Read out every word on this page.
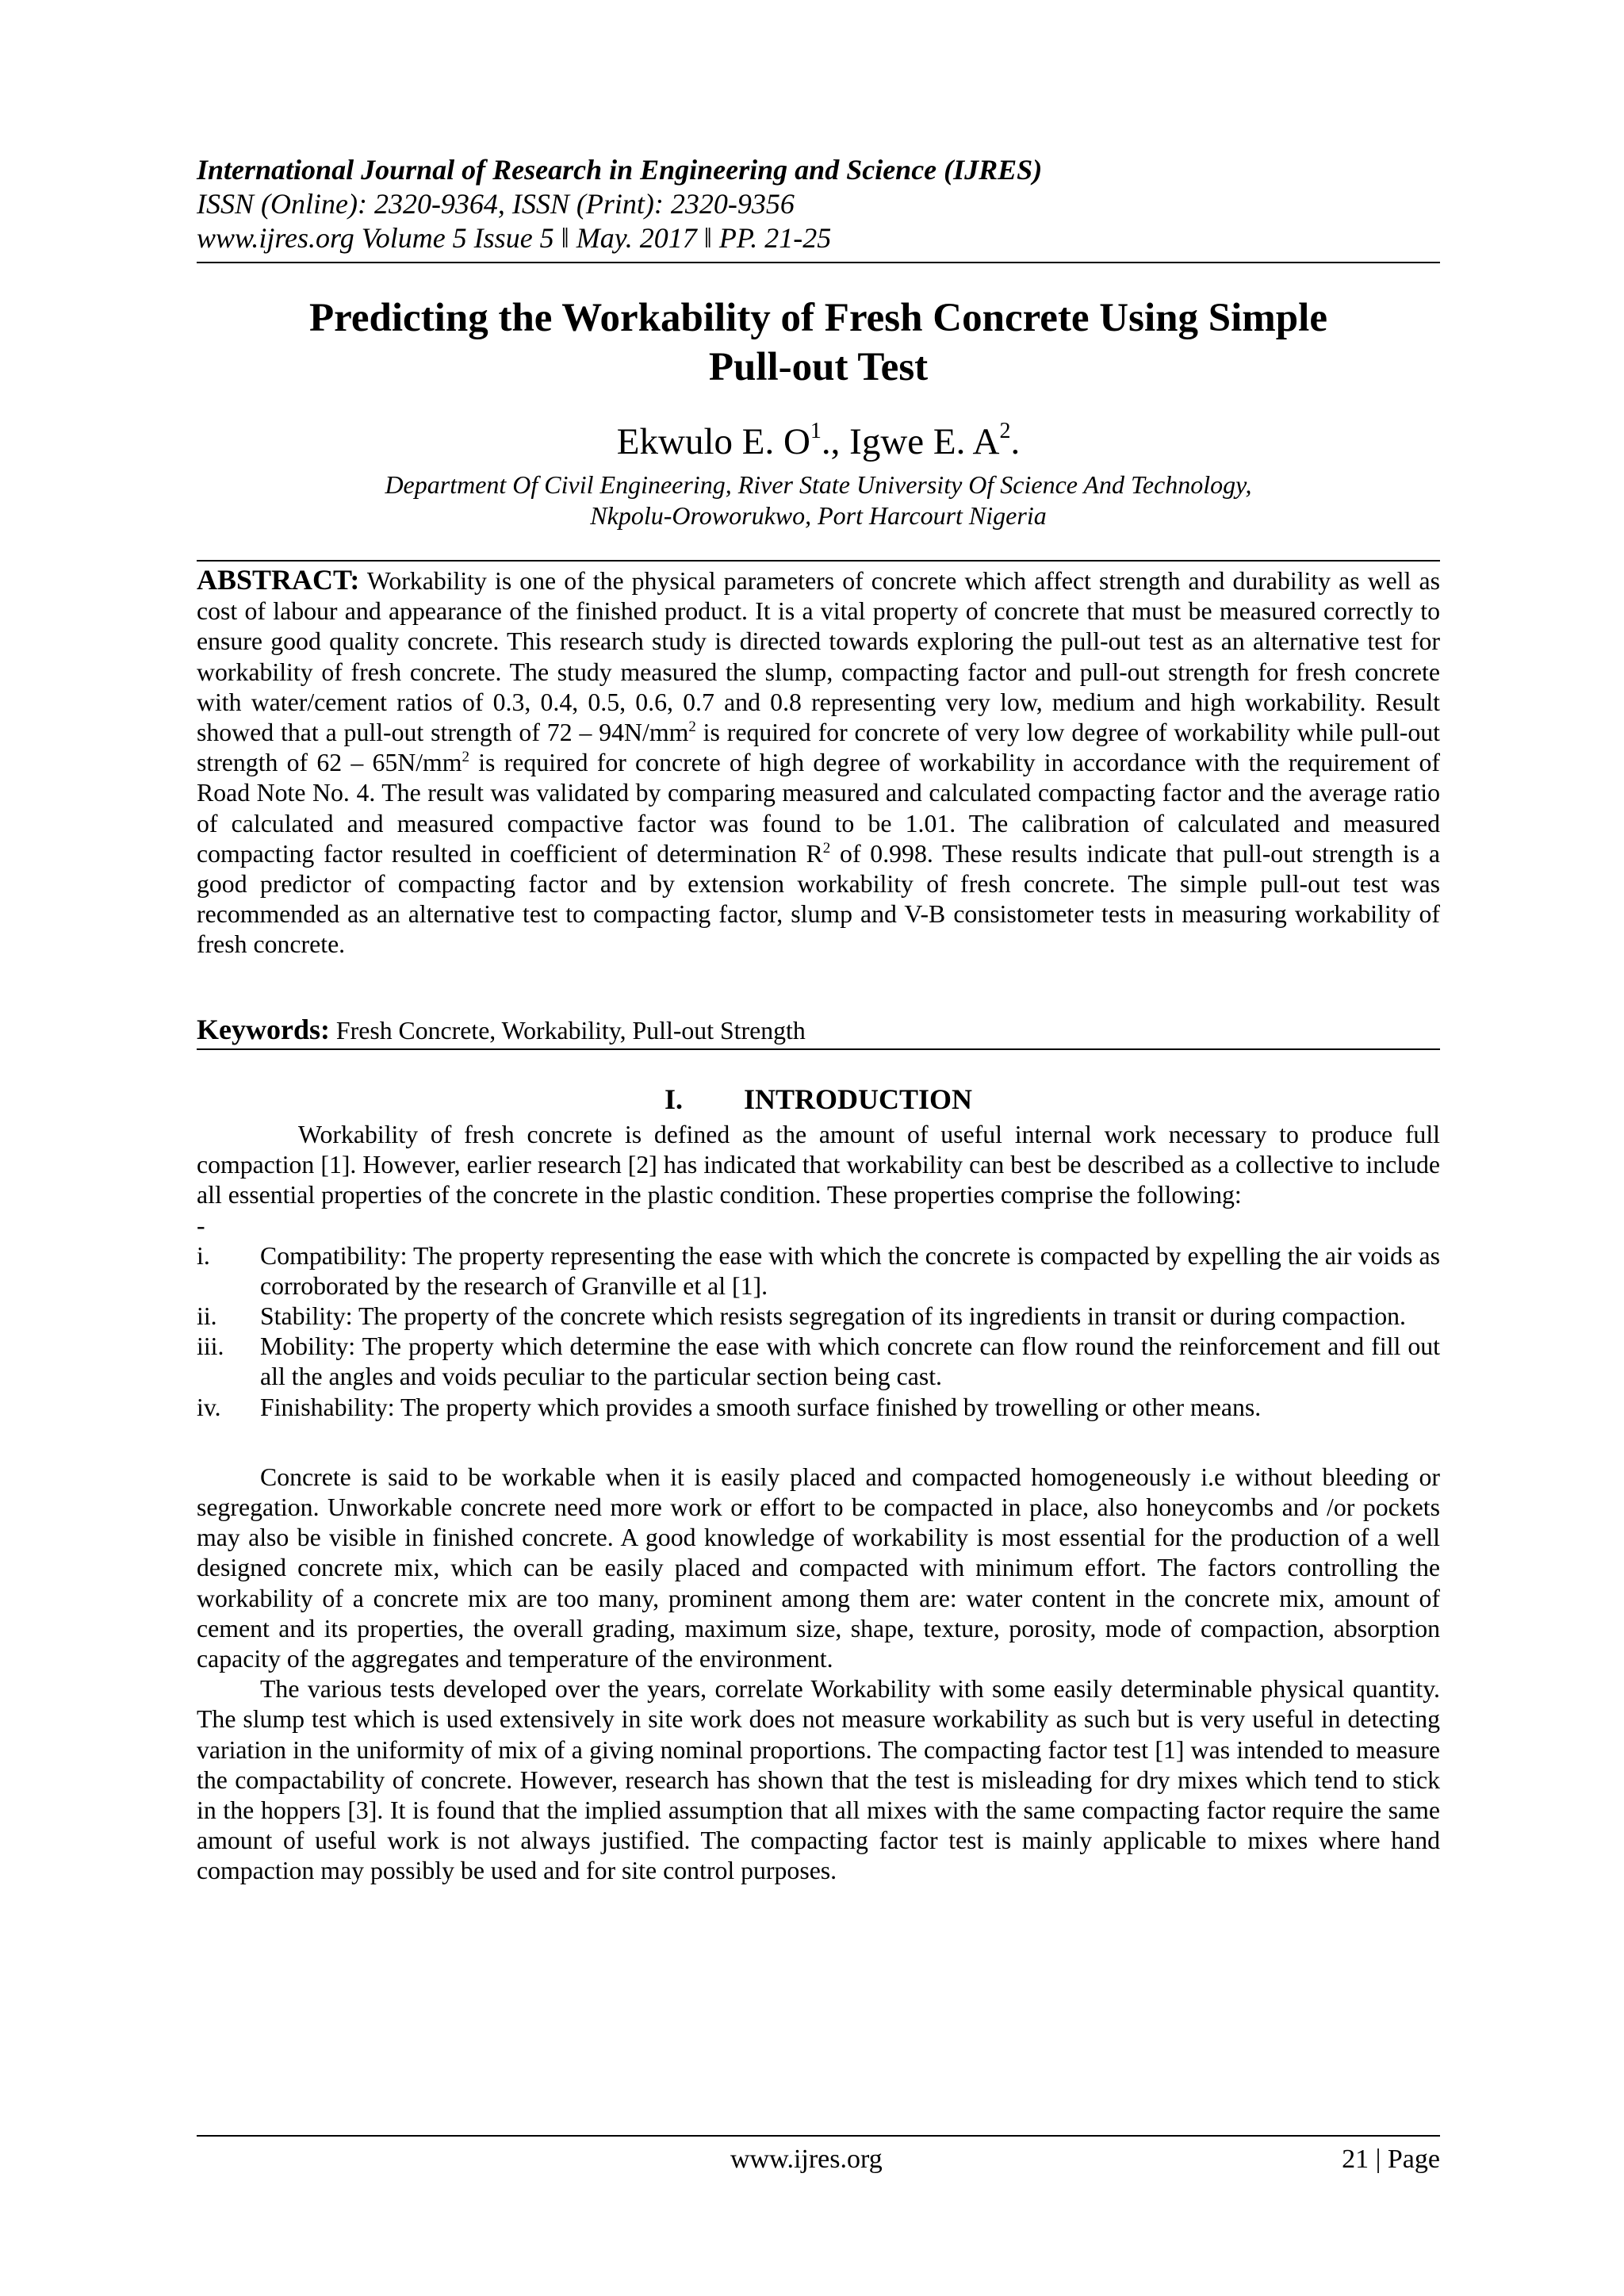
International Journal of Research in Engineering and Science (IJRES)
ISSN (Online): 2320-9364, ISSN (Print): 2320-9356
www.ijres.org Volume 5 Issue 5 ǁ May. 2017 ǁ PP. 21-25
Predicting the Workability of Fresh Concrete Using Simple
Pull-out Test
Ekwulo E. $O^1$., Igwe E. $A^2$.
Department Of Civil Engineering, River State University Of Science And Technology,
Nkpolu-Oroworukwo, Port Harcourt Nigeria
ABSTRACT: Workability is one of the physical parameters of concrete which affect strength and durability as well as cost of labour and appearance of the finished product. It is a vital property of concrete that must be measured correctly to ensure good quality concrete. This research study is directed towards exploring the pull-out test as an alternative test for workability of fresh concrete. The study measured the slump, compacting factor and pull-out strength for fresh concrete with water/cement ratios of 0.3, 0.4, 0.5, 0.6, 0.7 and 0.8 representing very low, medium and high workability. Result showed that a pull-out strength of $72 - 94N/mm^2$ is required for concrete of very low degree of workability while pull-out strength of $62 - 65N/mm^2$ is required for concrete of high degree of workability in accordance with the requirement of Road Note No. 4. The result was validated by comparing measured and calculated compacting factor and the average ratio of calculated and measured compactive factor was found to be 1.01. The calibration of calculated and measured compacting factor resulted in coefficient of determination $R^2$ of 0.998. These results indicate that pull-out strength is a good predictor of compacting factor and by extension workability of fresh concrete. The simple pull-out test was recommended as an alternative test to compacting factor, slump and V-B consistometer tests in measuring workability of fresh concrete.
Keywords: Fresh Concrete, Workability, Pull-out Strength
I. INTRODUCTION

Workability of fresh concrete is defined as the amount of useful internal work necessary to produce full compaction [1]. However, earlier research [2] has indicated that workability can best be described as a collective to include all essential properties of the concrete in the plastic condition. These properties comprise the following:

-

i. Compatibility: The property representing the ease with which the concrete is compacted by expelling the air voids as corroborated by the research of Granville et al [1].
ii. Stability: The property of the concrete which resists segregation of its ingredients in transit or during compaction.
iii. Mobility: The property which determine the ease with which concrete can flow round the reinforcement and fill out all the angles and voids peculiar to the particular section being cast.
iv. Finishability: The property which provides a smooth surface finished by trowelling or other means.

Concrete is said to be workable when it is easily placed and compacted homogeneously i.e without bleeding or segregation. Unworkable concrete need more work or effort to be compacted in place, also honeycombs and /or pockets may also be visible in finished concrete. A good knowledge of workability is most essential for the production of a well designed concrete mix, which can be easily placed and compacted with minimum effort. The factors controlling the workability of a concrete mix are too many, prominent among them are: water content in the concrete mix, amount of cement and its properties, the overall grading, maximum size, shape, texture, porosity, mode of compaction, absorption capacity of the aggregates and temperature of the environment.

The various tests developed over the years, correlate Workability with some easily determinable physical quantity. The slump test which is used extensively in site work does not measure workability as such but is very useful in detecting variation in the uniformity of mix of a giving nominal proportions. The compacting factor test [1] was intended to measure the compactability of concrete. However, research has shown that the test is misleading for dry mixes which tend to stick in the hoppers [3]. It is found that the implied assumption that all mixes with the same compacting factor require the same amount of useful work is not always justified. The compacting factor test is mainly applicable to mixes where hand compaction may possibly be used and for site control purposes.

www.ijres.org	21 | Page
